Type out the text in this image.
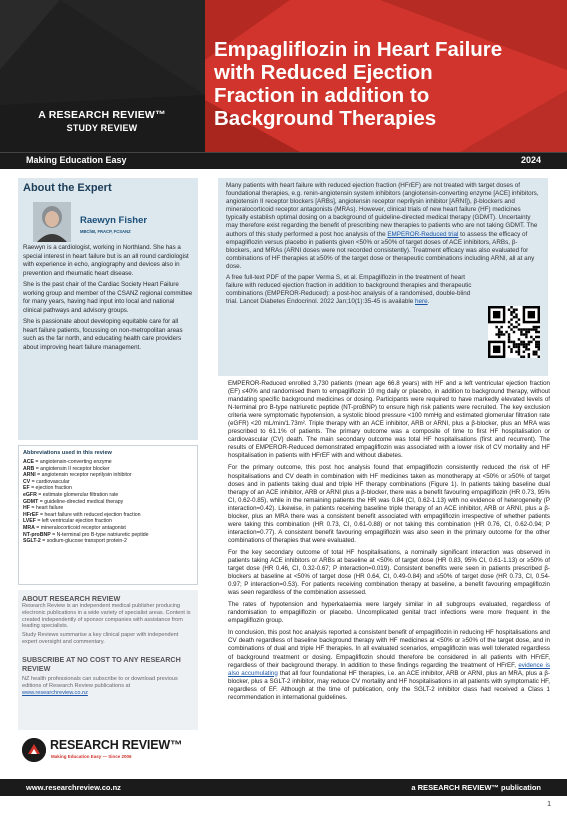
A RESEARCH REVIEW™
STUDY REVIEW
Empagliflozin in Heart Failure
with Reduced Ejection
Fraction in addition to
Background Therapies
Making Education Easy	2024
About the Expert
Raewyn Fisher
MBChB, FRACP, FCSANZ

Raewyn is a cardiologist, working in Northland. She has a special interest in heart failure but is an all round cardiologist with experience in echo, angiography and devices also in prevention and rheumatic heart disease.

She is the past chair of the Cardiac Society Heart Failure working group and member of the CSANZ regional committee for many years, having had input into local and national clinical pathways and advisory groups.

She is passionate about developing equitable care for all heart failure patients, focussing on non-metropolitan areas such as the far north, and educating health care providers about improving heart failure management.

Abbreviations used in this review
ACE = angiotensin-converting enzyme
ARB = angiotensin II receptor blocker
ARNI = angiotensin receptor neprilysin inhibitor
CV = cardiovascular
EF = ejection fraction
eGFR = estimate glomerular filtration rate
GDMT = guideline-directed medical therapy
HF = heart failure
HFrEF = heart failure with reduced ejection fraction
LVEF = left ventricular ejection fraction
MRA = mineralocorticoid receptor antagonist
NT-proBNP = N-terminal pro B-type natriuretic peptide
SGLT-2 = sodium-glucose transport protein-2
ABOUT RESEARCH REVIEW

Research Review is an independent medical publisher producing electronic publications in a wide variety of specialist areas. Content is created independently of sponsor companies with assistance from leading specialists.

Study Reviews summarise a key clinical paper with independent expert oversight and commentary.

SUBSCRIBE AT NO COST TO ANY RESEARCH REVIEW
NZ health professionals can subscribe to or download previous editions of Research Review publications at www.researchreview.co.nz
RESEARCH REVIEW™
Making Education Easy — Since 2006

Many patients with heart failure with reduced ejection fraction (HFrEF) are not treated with target doses of foundational therapies, e.g. renin-angiotensin system inhibitors (angiotensin-converting enzyme [ACE] inhibitors, angiotensin II receptor blockers [ARBs], angiotensin receptor neprilysin inhibitor [ARNI]), β-blockers and mineralocorticoid receptor antagonists (MRAs). However, clinical trials of new heart failure (HF) medicines typically establish optimal dosing on a background of guideline-directed medical therapy (GDMT). Uncertainty may therefore exist regarding the benefit of prescribing new therapies to patients who are not taking GDMT. The authors of this study performed a post hoc analysis of the EMPEROR-Reduced trial to assess the efficacy of empagliflozin versus placebo in patients given <50% or ≥50% of target doses of ACE inhibitors, ARBs, β-blockers, and MRAs (ARNI doses were not recorded consistently). Treatment efficacy was also evaluated for combinations of HF therapies at ≥50% of the target dose or therapeutic combinations including ARNI, all at any dose.

A free full-text PDF of the paper Verma S, et al. Empagliflozin in the treatment of heart failure with reduced ejection fraction in addition to background therapies and therapeutic combinations (EMPEROR-Reduced): a post-hoc analysis of a randomised, double-blind trial. Lancet Diabetes Endocrinol. 2022 Jan;10(1):35-45 is available here.

EMPEROR-Reduced enrolled 3,730 patients (mean age 66.8 years) with HF and a left ventricular ejection fraction (EF) ≤40% and randomised them to empagliflozin 10 mg daily or placebo, in addition to background therapy, without mandating specific background medicines or dosing. Participants were required to have markedly elevated levels of N-terminal pro B-type natriuretic peptide (NT-proBNP) to ensure high risk patients were recruited. The key exclusion criteria were symptomatic hypotension, a systolic blood pressure <100 mmHg and estimated glomerular filtration rate (eGFR) <20 mL/min/1.73m². Triple therapy with an ACE inhibitor, ARB or ARNI, plus a β-blocker, plus an MRA was prescribed to 61.1% of patients. The primary outcome was a composite of time to first HF hospitalisation or cardiovascular (CV) death. The main secondary outcome was total HF hospitalisations (first and recurrent). The results of EMPEROR-Reduced demonstrated empagliflozin was associated with a lower risk of CV mortality and HF hospitalisation in patients with HFrEF with and without diabetes.

For the primary outcome, this post hoc analysis found that empagliflozin consistently reduced the risk of HF hospitalisations and CV death in combination with HF medicines taken as monotherapy at <50% or ≥50% of target doses and in patients taking dual and triple HF therapy combinations (Figure 1). In patients taking baseline dual therapy of an ACE inhibitor, ARB or ARNI plus a β-blocker, there was a benefit favouring empagliflozin (HR 0.73, 95% CI, 0.62-0.85), while in the remaining patients the HR was 0.84 (CI, 0.62-1.13) with no evidence of heterogeneity (P interaction=0.42). Likewise, in patients receiving baseline triple therapy of an ACE inhibitor, ARB or ARNI, plus a β-blocker, plus an MRA there was a consistent benefit associated with empagliflozin irrespective of whether patients were taking this combination (HR 0.73, CI, 0.61-0.88) or not taking this combination (HR 0.76, CI, 0.62-0.94; P interaction=0.77). A consistent benefit favouring empagliflozin was also seen in the primary outcome for the other combinations of therapies that were evaluated.

For the key secondary outcome of total HF hospitalisations, a nominally significant interaction was observed in patients taking ACE inhibitors or ARBs at baseline at <50% of target dose (HR 0.83, 95% CI, 0.61-1.13) or ≥50% of target dose (HR 0.46, CI, 0.32-0.67; P interaction=0.019). Consistent benefits were seen in patients prescribed β-blockers at baseline at <50% of target dose (HR 0.64, CI, 0.49-0.84) and ≥50% of target dose (HR 0.73, CI, 0.54-0.97; P interaction=0.53). For patients receiving combination therapy at baseline, a benefit favouring empagliflozin was seen regardless of the combination assessed.

The rates of hypotension and hyperkalaemia were largely similar in all subgroups evaluated, regardless of randomisation to empagliflozin or placebo. Uncomplicated genital tract infections were more frequent in the empagliflozin group.

In conclusion, this post hoc analysis reported a consistent benefit of empagliflozin in reducing HF hospitalisations and CV death regardless of baseline background therapy with HF medicines at <50% or ≥50% of the target dose, and in combinations of dual and triple HF therapies. In all evaluated scenarios, empagliflozin was well tolerated regardless of background treatment or dosing. Empagliflozin should therefore be considered in all patients with HFrEF, regardless of their background therapy. In addition to these findings regarding the treatment of HFrEF, evidence is also accumulating that all four foundational HF therapies, i.e. an ACE inhibitor, ARB or ARNI, plus an MRA, plus a β-blocker, plus a SGLT-2 inhibitor, may reduce CV mortality and HF hospitalisations in all patients with symptomatic HF, regardless of EF. Although at the time of publication, only the SGLT-2 inhibitor class had received a Class 1 recommendation in international guidelines.

www.researchreview.co.nz	a RESEARCH REVIEW™ publication
1
